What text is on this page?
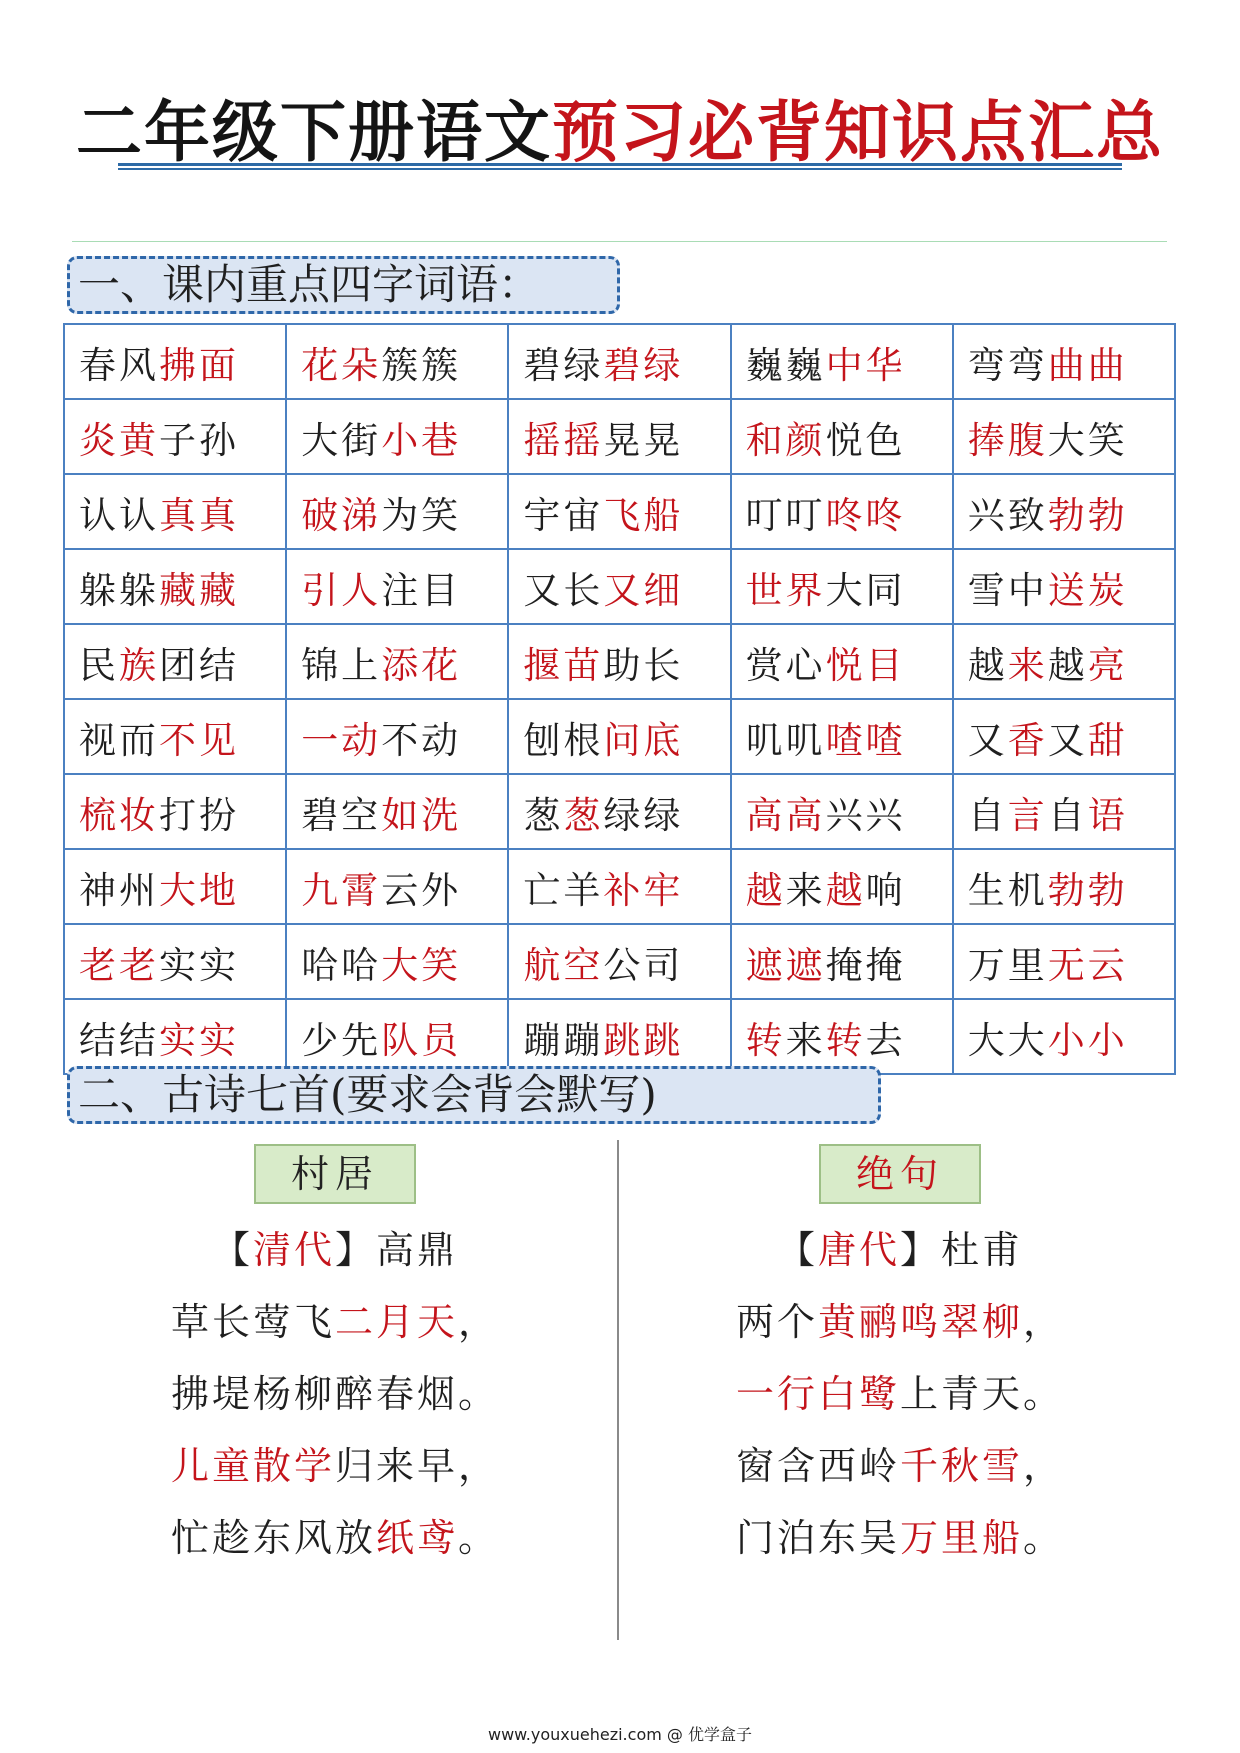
二年级下册语文预习必背知识点汇总
一、课内重点四字词语：
春风拂面	花朵簇簇	碧绿碧绿	巍巍中华	弯弯曲曲
炎黄子孙	大街小巷	摇摇晃晃	和颜悦色	捧腹大笑
认认真真	破涕为笑	宇宙飞船	叮叮咚咚	兴致勃勃
躲躲藏藏	引人注目	又长又细	世界大同	雪中送炭
民族团结	锦上添花	揠苗助长	赏心悦目	越来越亮
视而不见	一动不动	刨根问底	叽叽喳喳	又香又甜
梳妆打扮	碧空如洗	葱葱绿绿	高高兴兴	自言自语
神州大地	九霄云外	亡羊补牢	越来越响	生机勃勃
老老实实	哈哈大笑	航空公司	遮遮掩掩	万里无云
结结实实	少先队员	蹦蹦跳跳	转来转去	大大小小
二、古诗七首(要求会背会默写)
村居
【清代】高鼎
草长莺飞二月天，
拂堤杨柳醉春烟。
儿童散学归来早，
忙趁东风放纸鸢。
绝句
【唐代】杜甫
两个黄鹂鸣翠柳，
一行白鹭上青天。
窗含西岭千秋雪，
门泊东吴万里船。
www.youxuehezi.com @ 优学盒子
